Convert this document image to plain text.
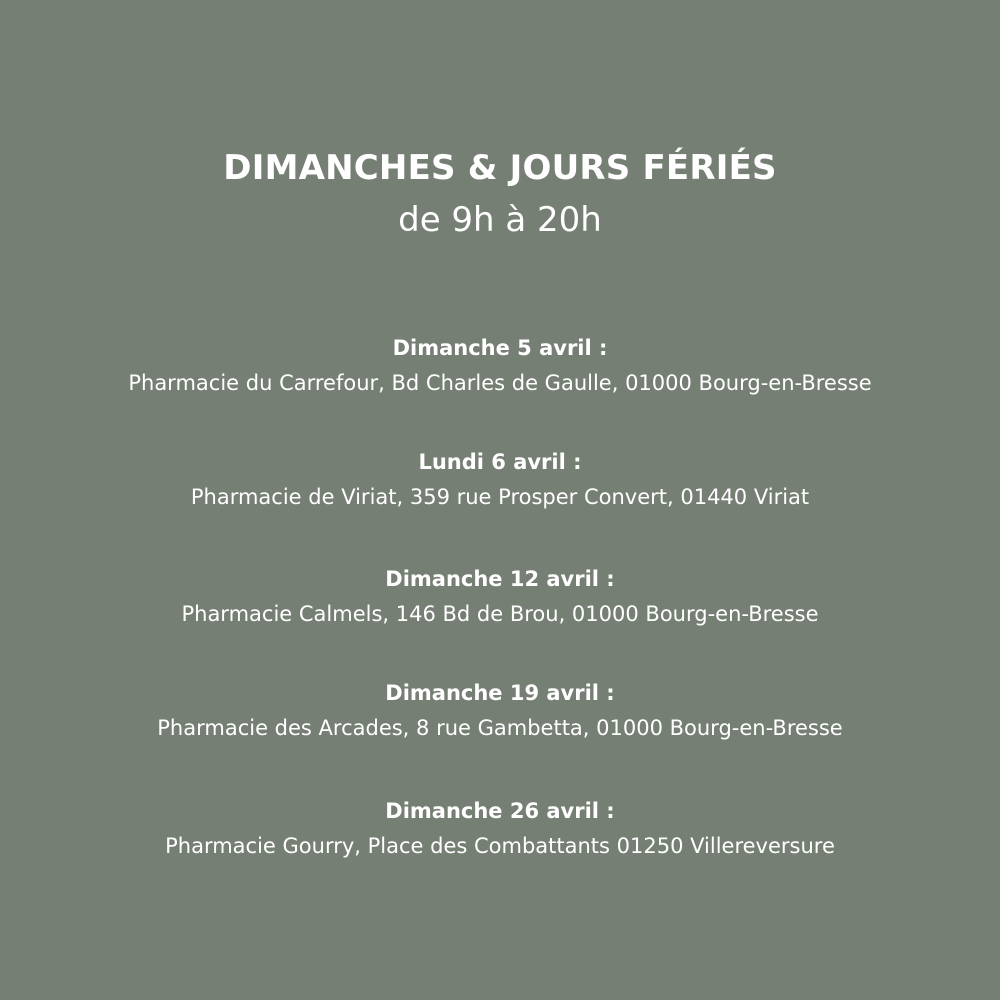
DIMANCHES & JOURS FÉRIÉS
de 9h à 20h

Dimanche 5 avril :

Pharmacie du Carrefour, Bd Charles de Gaulle, 01000 Bourg-en-Bresse

Lundi 6 avril :

Pharmacie de Viriat, 359 rue Prosper Convert, 01440 Viriat

Dimanche 12 avril :

Pharmacie Calmels, 146 Bd de Brou, 01000 Bourg-en-Bresse

Dimanche 19 avril :

Pharmacie des Arcades, 8 rue Gambetta, 01000 Bourg-en-Bresse

Dimanche 26 avril :

Pharmacie Gourry, Place des Combattants 01250 Villereversure
